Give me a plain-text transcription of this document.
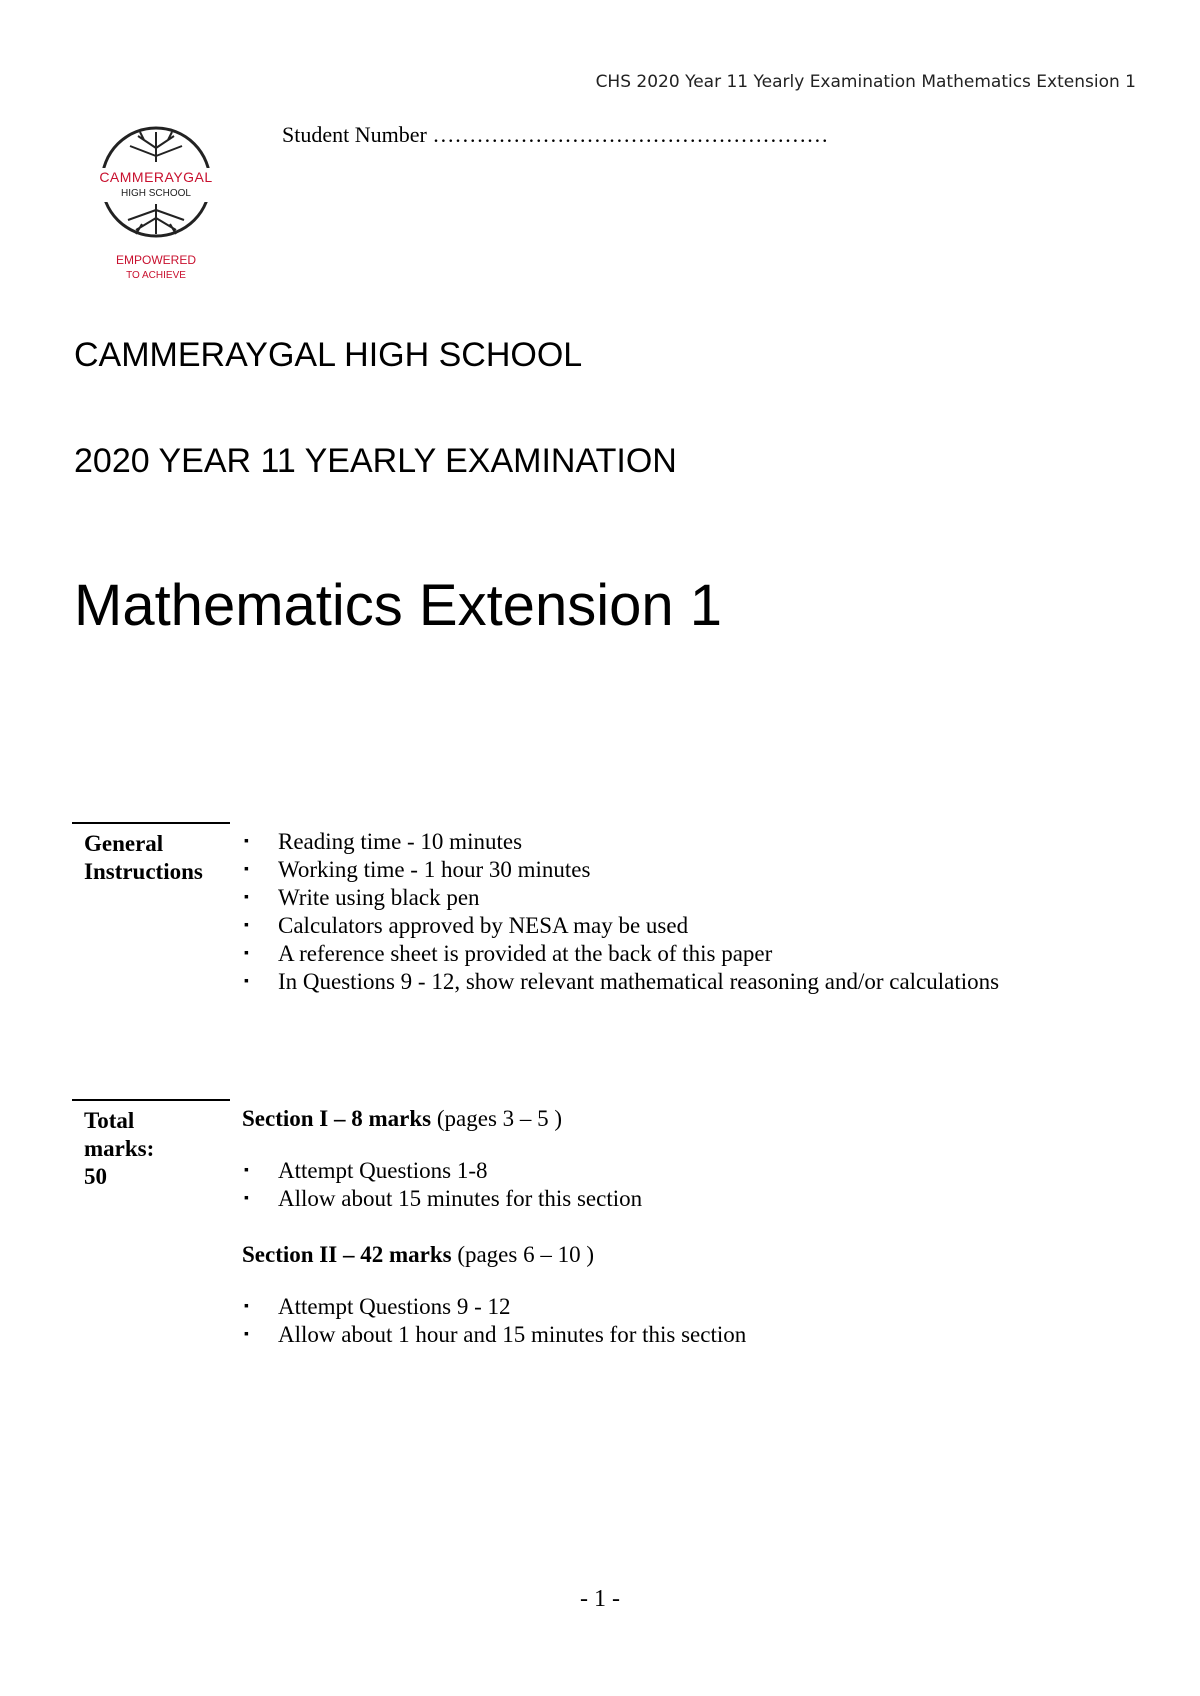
CHS 2020 Year 11 Yearly Examination Mathematics Extension 1
CAMMERAYGAL
HIGH SCHOOL
EMPOWERED
TO ACHIEVE
Student Number ………………………………………………
CAMMERAYGAL HIGH SCHOOL
2020 YEAR 11 YEARLY EXAMINATION
Mathematics Extension 1
General
Instructions
▪ Reading time - 10 minutes
▪ Working time - 1 hour 30 minutes
▪ Write using black pen
▪ Calculators approved by NESA may be used
▪ A reference sheet is provided at the back of this paper
▪ In Questions 9 - 12, show relevant mathematical reasoning and/or calculations
Total
marks:
50
Section I – 8 marks (pages 3 – 5 )
▪ Attempt Questions 1-8
▪ Allow about 15 minutes for this section
Section II – 42 marks (pages 6 – 10 )
▪ Attempt Questions 9 - 12
▪ Allow about 1 hour and 15 minutes for this section
- 1 -
